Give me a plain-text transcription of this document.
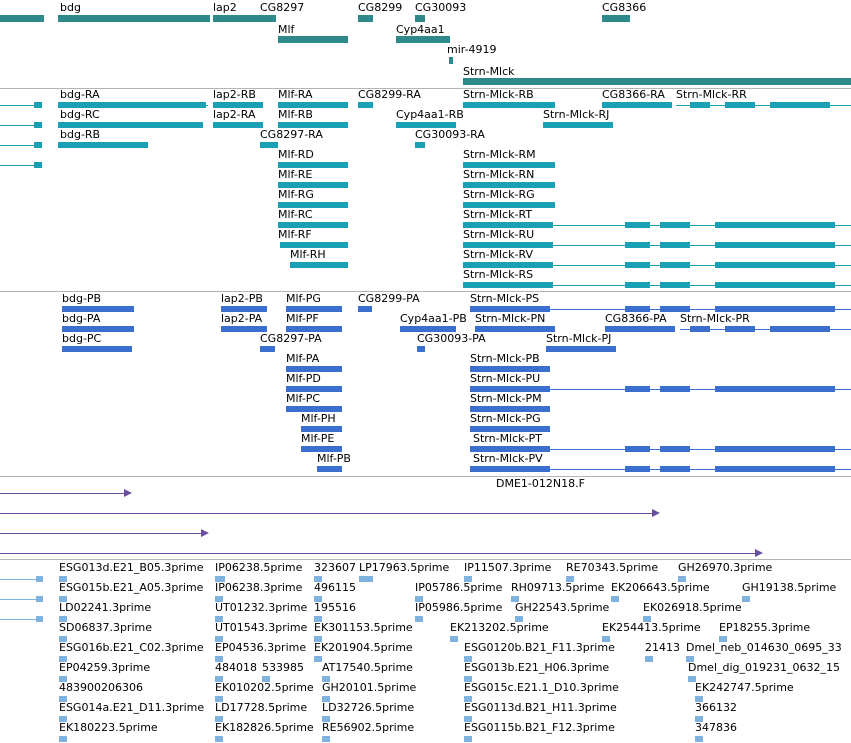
bdg	lap2 CG8297	CG8299 CG30093	CG8366
Mlf	Cyp4aa1
mir-4919
Strn-Mlck
bdg-RA	lap2-RB Mlf-RA	CG8299-RA	Strn-Mlck-RB	CG8366-RA Strn-Mlck-RR
bdg-RC	lap2-RA Mlf-RB	Cyp4aa1-RB	Strn-Mlck-RJ
bdg-RB	CG8297-RA	CG30093-RA
Mlf-RD
Mlf-RE
Mlf-RG
Mlf-RC
Mlf-RF
Mlf-RH
Strn-Mlck-RM
Strn-Mlck-RN
Strn-Mlck-RG
Strn-Mlck-RT
Strn-Mlck-RU
Strn-Mlck-RV
Strn-Mlck-RS
bdg-PB	lap2-PB Mlf-PG	CG8299-PA	Strn-Mlck-PS
bdg-PA	lap2-PA Mlf-PF	Cyp4aa1-PB Strn-Mlck-PN	CG8366-PA Strn-Mlck-PR
bdg-PC	CG8297-PA	CG30093-PA	Strn-Mlck-PJ
Mlf-PA
Mlf-PD
Mlf-PC
Mlf-PH
Mlf-PE
Mlf-PB
Strn-Mlck-PB
Strn-Mlck-PU
Strn-Mlck-PM
Strn-Mlck-PG
Strn-Mlck-PT
Strn-Mlck-PV
DME1-012N18.F
ESG013d.E21_B05.3prime IP06238.5prime 323607 LP17963.5prime IP11507.3prime RE70343.5prime GH26970.3prime
ESG015b.E21_A05.3prime IP06238.3prime 496115	IP05786.5prime RH09713.5prime EK206643.5prime	GH19138.5prime
LD02241.3prime	UT01232.3prime 195516	IP05986.5prime GH22543.5prime	EK026918.5prime
SD06837.3prime	UT01543.3prime EK301153.5prime	EK213202.5prime	EK254413.5prime EP18255.3prime
ESG016b.E21_C02.3prime EP04536.3prime EK201904.5prime	ESG0120b.B21_F11.3prime	21413 Dmel_neb_014630_0695_33
EP04259.3prime	484018 533985 AT17540.5prime	ESG013b.E21_H06.3prime	Dmel_dig_019231_0632_15
483900206306	EK010202.5prime GH20101.5prime	ESG015c.E21.1_D10.3prime	EK242747.5prime
ESG014a.E21_D11.3prime LD17728.5prime LD32726.5prime	ESG0113d.B21_H11.3prime	366132
EK180223.5prime	EK182826.5prime RE56902.5prime	ESG0115b.B21_F12.3prime	347836
